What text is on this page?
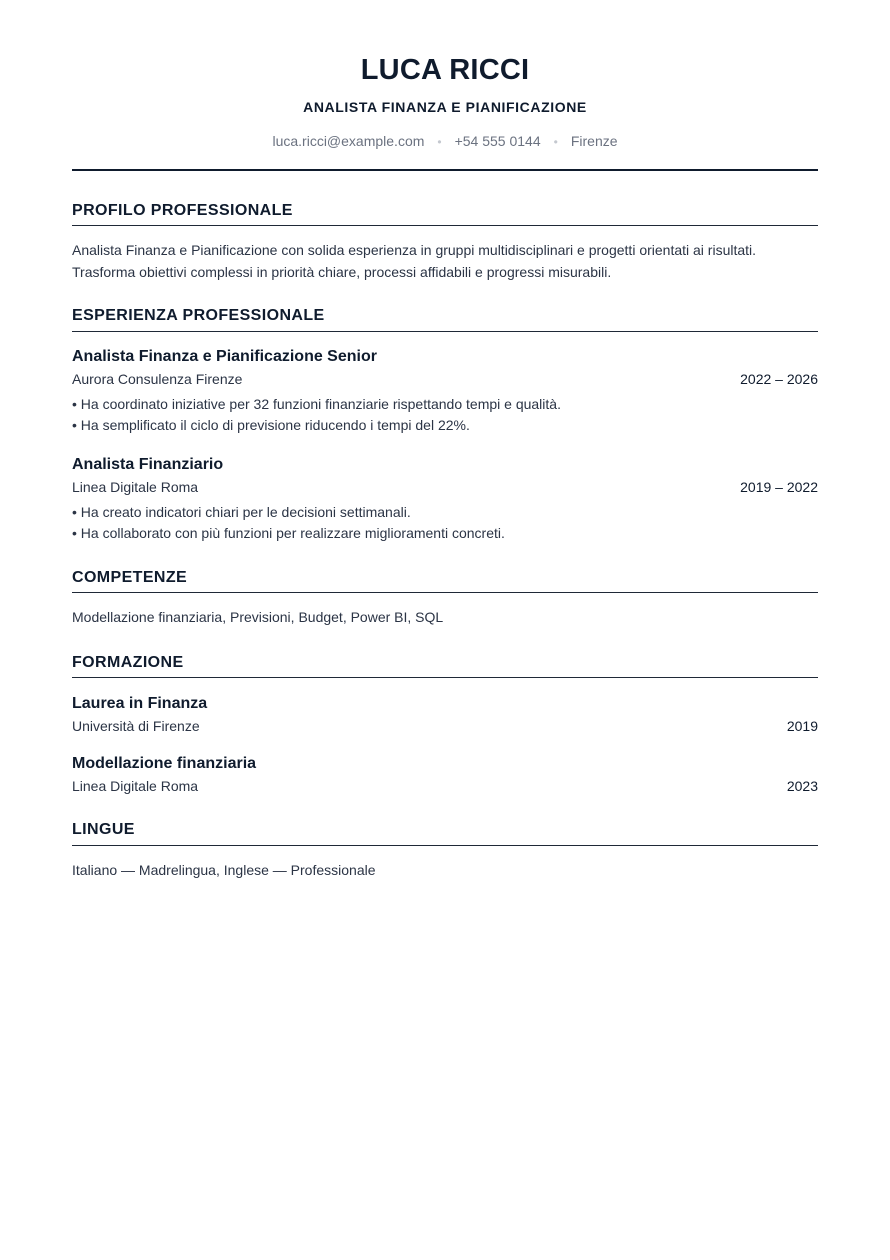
LUCA RICCI
ANALISTA FINANZA E PIANIFICAZIONE
luca.ricci@example.com • +54 555 0144 • Firenze
PROFILO PROFESSIONALE
Analista Finanza e Pianificazione con solida esperienza in gruppi multidisciplinari e progetti orientati ai risultati.
Trasforma obiettivi complessi in priorità chiare, processi affidabili e progressi misurabili.
ESPERIENZA PROFESSIONALE
Analista Finanza e Pianificazione Senior
Aurora Consulenza Firenze	2022 – 2026
• Ha coordinato iniziative per 32 funzioni finanziarie rispettando tempi e qualità.
• Ha semplificato il ciclo di previsione riducendo i tempi del 22%.
Analista Finanziario
Linea Digitale Roma	2019 – 2022
• Ha creato indicatori chiari per le decisioni settimanali.
• Ha collaborato con più funzioni per realizzare miglioramenti concreti.
COMPETENZE
Modellazione finanziaria, Previsioni, Budget, Power BI, SQL
FORMAZIONE
Laurea in Finanza
Università di Firenze	2019
Modellazione finanziaria
Linea Digitale Roma	2023
LINGUE
Italiano — Madrelingua, Inglese — Professionale
